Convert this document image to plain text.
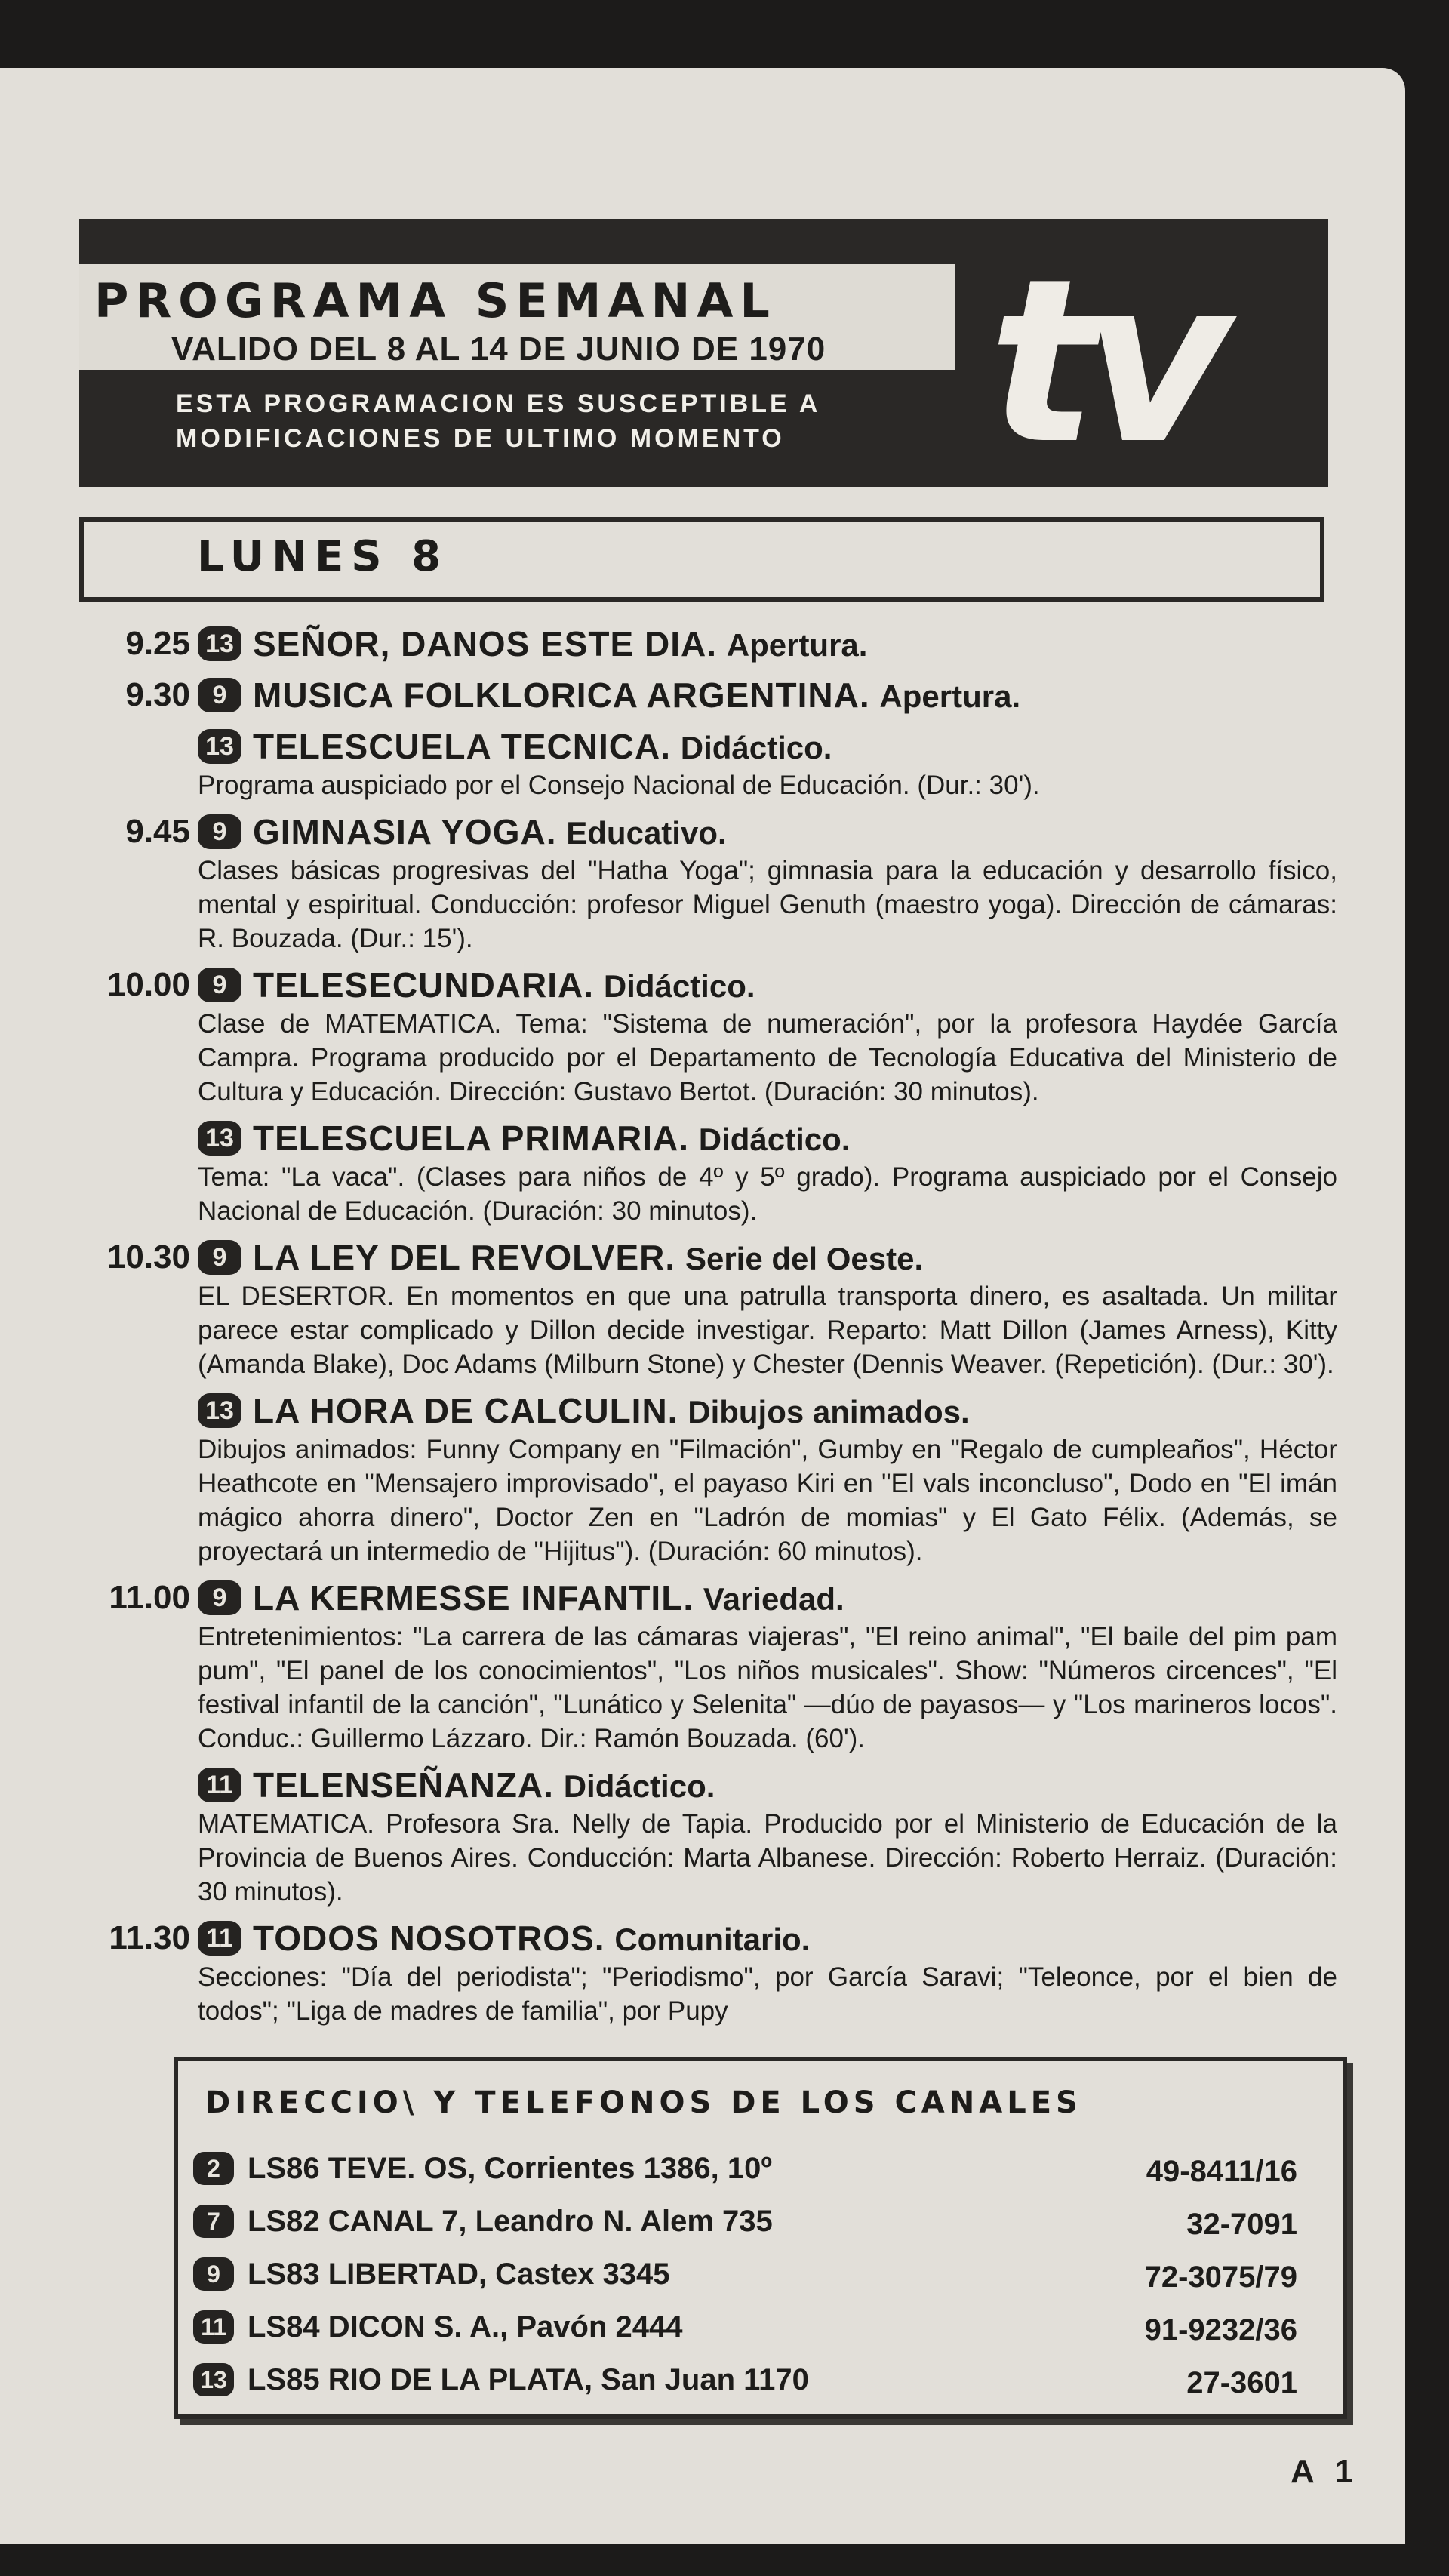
PROGRAMA SEMANAL
VALIDO DEL 8 AL 14 DE JUNIO DE 1970
ESTA PROGRAMACION ES SUSCEPTIBLE A
MODIFICACIONES DE ULTIMO MOMENTO tv
LUNES 8
9.25 13 SEÑOR, DANOS ESTE DIA. Apertura.
9.30 9 MUSICA FOLKLORICA ARGENTINA. Apertura.
13 TELESCUELA TECNICA. Didáctico.
Programa auspiciado por el Consejo Nacional de Educación. (Dur.: 30').
9.45 9 GIMNASIA YOGA. Educativo.
Clases básicas progresivas del "Hatha Yoga"; gimnasia para la educación y desarrollo físico, mental y espiritual. Conducción: profesor Miguel Genuth (maestro yoga). Dirección de cámaras: R. Bouzada. (Dur.: 15').
10.00 9 TELESECUNDARIA. Didáctico.
Clase de MATEMATICA. Tema: "Sistema de numeración", por la profesora Haydée García Campra. Programa producido por el Departamento de Tecnología Educativa del Ministerio de Cultura y Educación. Dirección: Gustavo Bertot. (Duración: 30 minutos).
13 TELESCUELA PRIMARIA. Didáctico.
Tema: "La vaca". (Clases para niños de 4º y 5º grado). Programa auspiciado por el Consejo Nacional de Educación. (Duración: 30 minutos).
10.30 9 LA LEY DEL REVOLVER. Serie del Oeste.
EL DESERTOR. En momentos en que una patrulla transporta dinero, es asaltada. Un militar parece estar complicado y Dillon decide investigar. Reparto: Matt Dillon (James Arness), Kitty (Amanda Blake), Doc Adams (Milburn Stone) y Chester (Dennis Weaver. (Repetición). (Dur.: 30').
13 LA HORA DE CALCULIN. Dibujos animados.
Dibujos animados: Funny Company en "Filmación", Gumby en "Regalo de cumpleaños", Héctor Heathcote en "Mensajero improvisado", el payaso Kiri en "El vals inconcluso", Dodo en "El imán mágico ahorra dinero", Doctor Zen en "Ladrón de momias" y El Gato Félix. (Además, se proyectará un intermedio de "Hijitus"). (Duración: 60 minutos).
11.00 9 LA KERMESSE INFANTIL. Variedad.
Entretenimientos: "La carrera de las cámaras viajeras", "El reino animal", "El baile del pim pam pum", "El panel de los conocimientos", "Los niños musicales". Show: "Números circences", "El festival infantil de la canción", "Lunático y Selenita" —dúo de payasos— y "Los marineros locos". Conduc.: Guillermo Lázzaro. Dir.: Ramón Bouzada. (60').
11 TELENSEÑANZA. Didáctico.
MATEMATICA. Profesora Sra. Nelly de Tapia. Producido por el Ministerio de Educación de la Provincia de Buenos Aires. Conducción: Marta Albanese. Dirección: Roberto Herraiz. (Duración: 30 minutos).
11.30 11 TODOS NOSOTROS. Comunitario.
Secciones: "Día del periodista"; "Periodismo", por García Saravi; "Teleonce, por el bien de todos"; "Liga de madres de familia", por Pupy
DIRECCIO\ Y TELEFONOS DE LOS CANALES
2 LS86 TEVE. OS, Corrientes 1386, 10º	49-8411/16
7 LS82 CANAL 7, Leandro N. Alem 735	32-7091
9 LS83 LIBERTAD, Castex 3345	72-3075/79
11 LS84 DICON S. A., Pavón 2444	91-9232/36
13 LS85 RIO DE LA PLATA, San Juan 1170	27-3601
A 1
